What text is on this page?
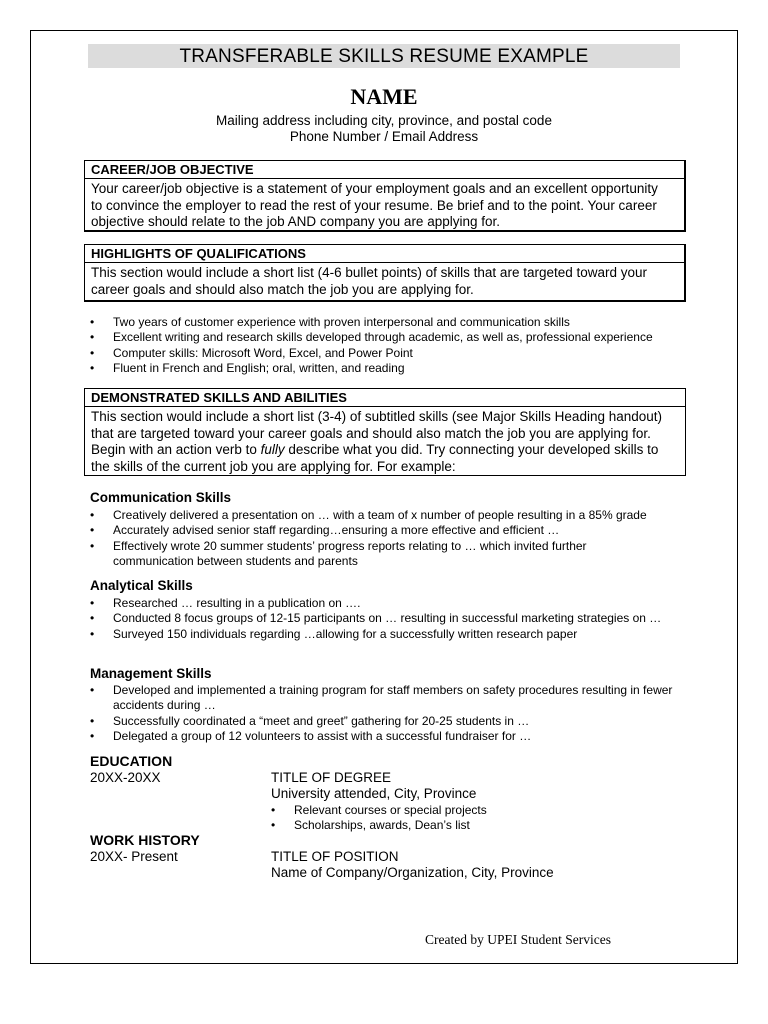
TRANSFERABLE SKILLS RESUME EXAMPLE
NAME
Mailing address including city, province, and postal code
Phone Number / Email Address
CAREER/JOB OBJECTIVE
Your career/job objective is a statement of your employment goals and an excellent opportunity
to convince the employer to read the rest of your resume. Be brief and to the point. Your career
objective should relate to the job AND company you are applying for.
HIGHLIGHTS OF QUALIFICATIONS
This section would include a short list (4-6 bullet points) of skills that are targeted toward your
career goals and should also match the job you are applying for.
• Two years of customer experience with proven interpersonal and communication skills
• Excellent writing and research skills developed through academic, as well as, professional experience
• Computer skills: Microsoft Word, Excel, and Power Point
• Fluent in French and English; oral, written, and reading
DEMONSTRATED SKILLS AND ABILITIES
This section would include a short list (3-4) of subtitled skills (see Major Skills Heading handout)
that are targeted toward your career goals and should also match the job you are applying for.
Begin with an action verb to fully describe what you did. Try connecting your developed skills to
the skills of the current job you are applying for. For example:
Communication Skills
• Creatively delivered a presentation on … with a team of x number of people resulting in a 85% grade
• Accurately advised senior staff regarding…ensuring a more effective and efficient …
• Effectively wrote 20 summer students’ progress reports relating to … which invited further communication between students and parents
Analytical Skills
• Researched … resulting in a publication on ….
• Conducted 8 focus groups of 12-15 participants on … resulting in successful marketing strategies on …
• Surveyed 150 individuals regarding …allowing for a successfully written research paper
Management Skills
• Developed and implemented a training program for staff members on safety procedures resulting in fewer accidents during …
• Successfully coordinated a “meet and greet” gathering for 20-25 students in …
• Delegated a group of 12 volunteers to assist with a successful fundraiser for …
EDUCATION
20XX-20XX	TITLE OF DEGREE
University attended, City, Province
• Relevant courses or special projects
• Scholarships, awards, Dean’s list
WORK HISTORY
20XX- Present	TITLE OF POSITION
Name of Company/Organization, City, Province
Created by UPEI Student Services
